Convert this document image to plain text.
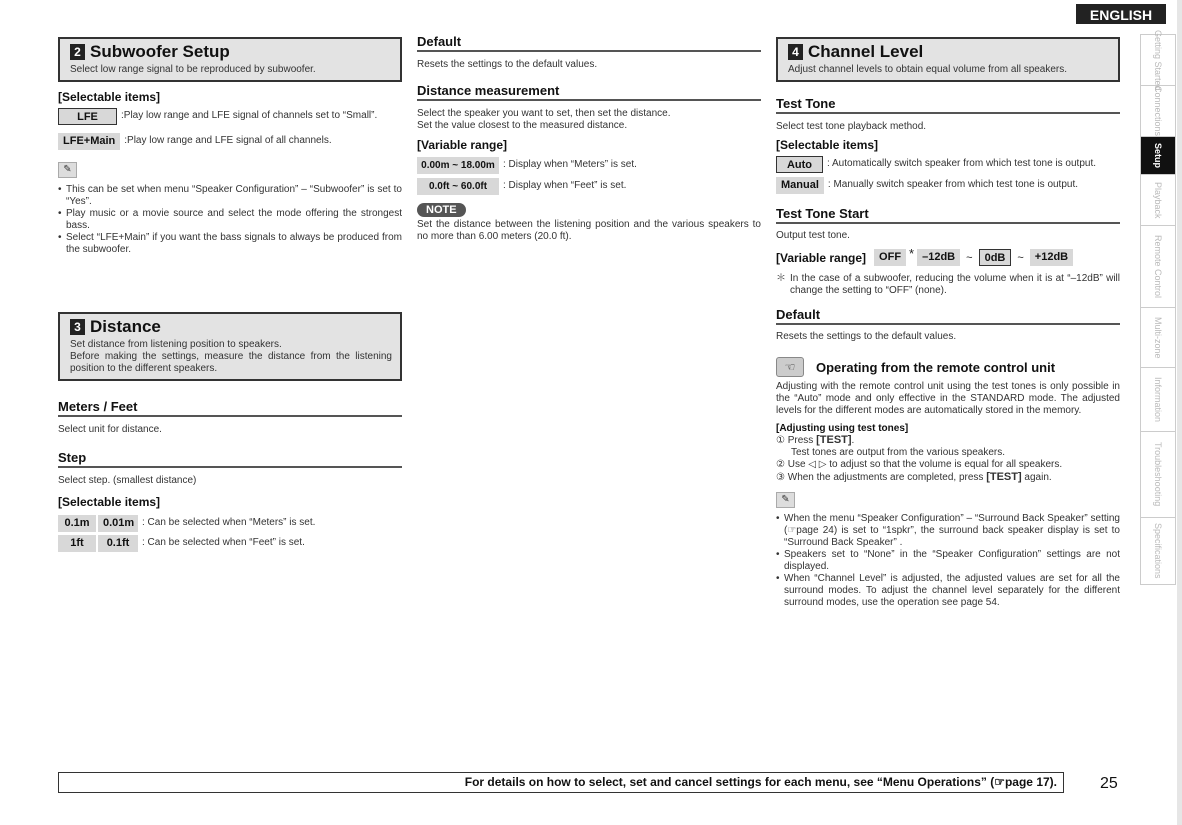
ENGLISH
Getting Started
Connections
Setup
Playback
Remote Control
Multi-zone
Information
Troubleshooting
Specifications
2 Subwoofer Setup
Select low range signal to be reproduced by subwoofer.
[Selectable items]
LFE	:Play low range and LFE signal of channels set to “Small”.
LFE+Main :Play low range and LFE signal of all channels.
✎
• This can be set when menu “Speaker Configuration” – “Subwoofer” is set to “Yes”.
• Play music or a movie source and select the mode offering the strongest bass.
• Select “LFE+Main” if you want the bass signals to always be produced from the subwoofer.
3 Distance
Set distance from listening position to speakers.
Before making the settings, measure the distance from the listening position to the different speakers.
Meters / Feet
Select unit for distance.
Step
Select step. (smallest distance)
[Selectable items]
0.1m	0.01m : Can be selected when “Meters” is set.
1ft	0.1ft	: Can be selected when “Feet” is set.
Default
Resets the settings to the default values.
Distance measurement
Select the speaker you want to set, then set the distance.
Set the value closest to the measured distance.
[Variable range]
0.00m ~ 18.00m : Display when “Meters” is set.
0.0ft ~ 60.0ft	: Display when “Feet” is set.
NOTE
Set the distance between the listening position and the various speakers to no more than 6.00 meters (20.0 ft).
4 Channel Level
Adjust channel levels to obtain equal volume from all speakers.
Test Tone
Select test tone playback method.
[Selectable items]
Auto	: Automatically switch speaker from which test tone is output.
Manual : Manually switch speaker from which test tone is output.
Test Tone Start
Output test tone.
[Variable range]	OFF * –12dB	~	0dB	~	+12dB
＊ In the case of a subwoofer, reducing the volume when it is at “–12dB” will change the setting to “OFF” (none).
Default
Resets the settings to the default values.
☜	Operating from the remote control unit
Adjusting with the remote control unit using the test tones is only possible in the “Auto” mode and only effective in the STANDARD mode. The adjusted levels for the different modes are automatically stored in the memory.
[Adjusting using test tones]
① Press [TEST].
Test tones are output from the various speakers.
② Use ◁ ▷ to adjust so that the volume is equal for all speakers.
③ When the adjustments are completed, press [TEST] again.
✎
• When the menu “Speaker Configuration” – “Surround Back Speaker” setting (☞page 24) is set to “1spkr”, the surround back speaker display is set to “Surround Back Speaker” .
• Speakers set to “None” in the “Speaker Configuration” settings are not displayed.
• When “Channel Level” is adjusted, the adjusted values are set for all the surround modes. To adjust the channel level separately for the different surround modes, use the operation see page 54.
For details on how to select, set and cancel settings for each menu, see “Menu Operations” (☞page 17).	25
